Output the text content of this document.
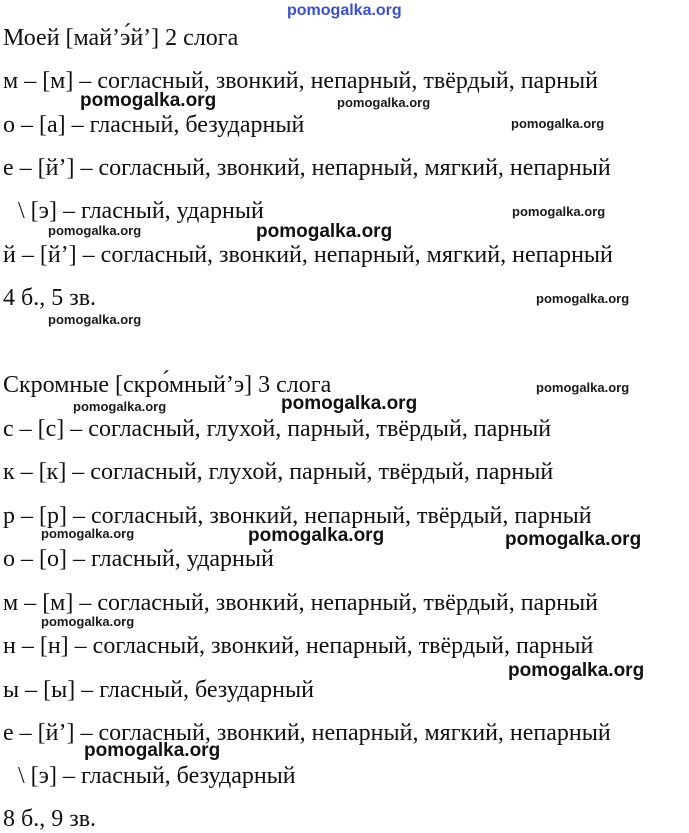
Моей [май’э́й’] 2 слога
м – [м] – согласный, звонкий, непарный, твёрдый, парный
о – [а] – гласный, безударный
е – [й’] – согласный, звонкий, непарный, мягкий, непарный
\ [э] – гласный, ударный
й – [й’] – согласный, звонкий, непарный, мягкий, непарный
4 б., 5 зв.
Скромные [скро́мный’э] 3 слога
с – [с] – согласный, глухой, парный, твёрдый, парный
к – [к] – согласный, глухой, парный, твёрдый, парный
р – [р] – согласный, звонкий, непарный, твёрдый, парный
о – [о] – гласный, ударный
м – [м] – согласный, звонкий, непарный, твёрдый, парный
н – [н] – согласный, звонкий, непарный, твёрдый, парный
ы – [ы] – гласный, безударный
е – [й’] – согласный, звонкий, непарный, мягкий, непарный
\ [э] – гласный, безударный
8 б., 9 зв.
pomogalka.org
pomogalka.org	pomogalka.org
pomogalka.org
pomogalka.org
pomogalka.org	pomogalka.org
pomogalka.org
pomogalka.org
pomogalka.org
pomogalka.org	pomogalka.org
pomogalka.org	pomogalka.org	pomogalka.org
pomogalka.org
pomogalka.org
pomogalka.org
